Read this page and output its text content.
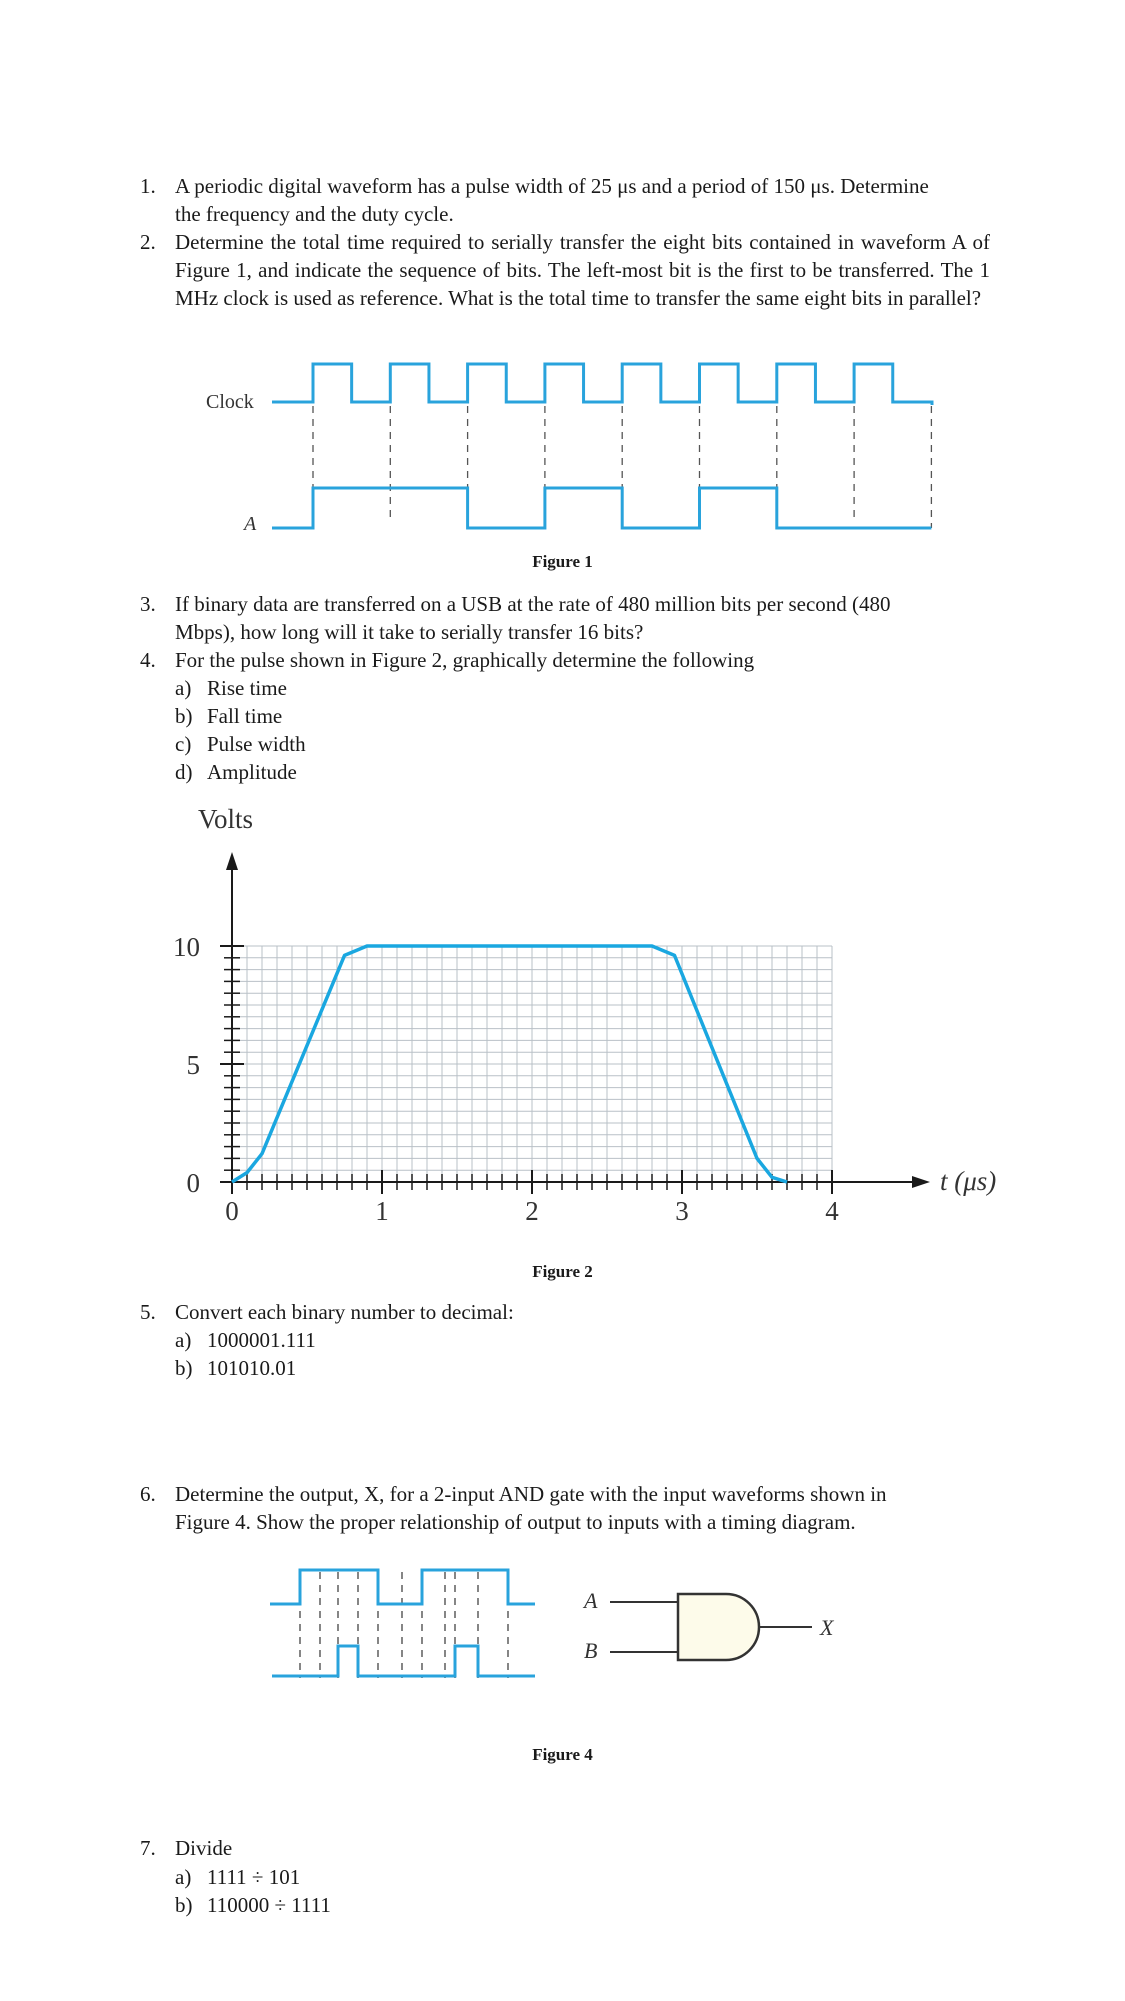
1. A periodic digital waveform has a pulse width of 25 μs and a period of 150 μs. Determine
the frequency and the duty cycle.
2. Determine the total time required to serially transfer the eight bits contained in waveform A of Figure 1, and indicate the sequence of bits. The left-most bit is the first to be transferred. The 1 MHz clock is used as reference. What is the total time to transfer the same eight bits in parallel?
Clock
A
Figure 1
3. If binary data are transferred on a USB at the rate of 480 million bits per second (480
Mbps), how long will it take to serially transfer 16 bits?
4. For the pulse shown in Figure 2, graphically determine the following
a) Rise time
b) Fall time
c) Pulse width
d) Amplitude
Volts
t (μs)
0	1	2	3	4
0
5
10
Figure 2
5. Convert each binary number to decimal:
a) 1000001.111
b) 101010.01
6. Determine the output, X, for a 2-input AND gate with the input waveforms shown in
Figure 4. Show the proper relationship of output to inputs with a timing diagram.
A
B
X
Figure 4
7. Divide
a) 1111 ÷ 101
b) 110000 ÷ 1111
